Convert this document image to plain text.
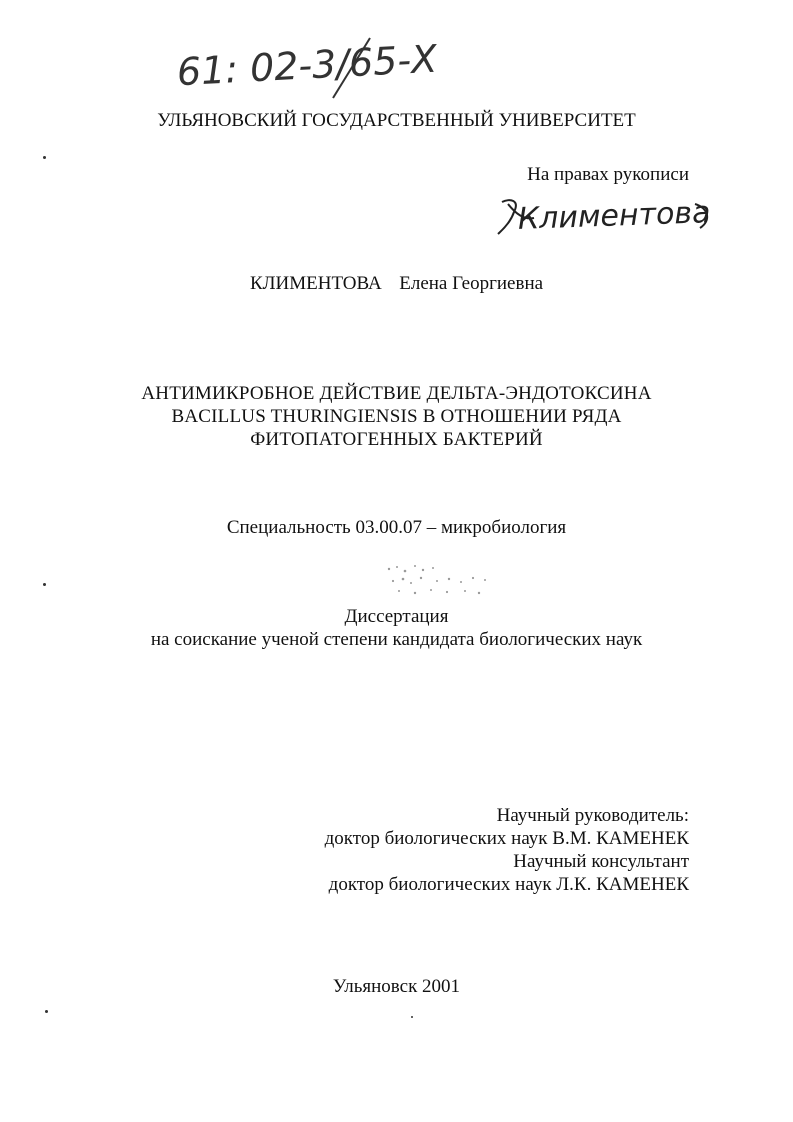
61: 02-3/65-Х
УЛЬЯНОВСКИЙ ГОСУДАРСТВЕННЫЙ УНИВЕРСИТЕТ
На правах рукописи
Климентова
КЛИМЕНТОВА Елена Георгиевна
АНТИМИКРОБНОЕ ДЕЙСТВИЕ ДЕЛЬТА-ЭНДОТОКСИНА
BACILLUS THURINGIENSIS В ОТНОШЕНИИ РЯДА
ФИТОПАТОГЕННЫХ БАКТЕРИЙ
Специальность 03.00.07 – микробиология
Диссертация
на соискание ученой степени кандидата биологических наук
Научный руководитель:
доктор биологических наук В.М. КАМЕНЕК
Научный консультант
доктор биологических наук Л.К. КАМЕНЕК
Ульяновск 2001
